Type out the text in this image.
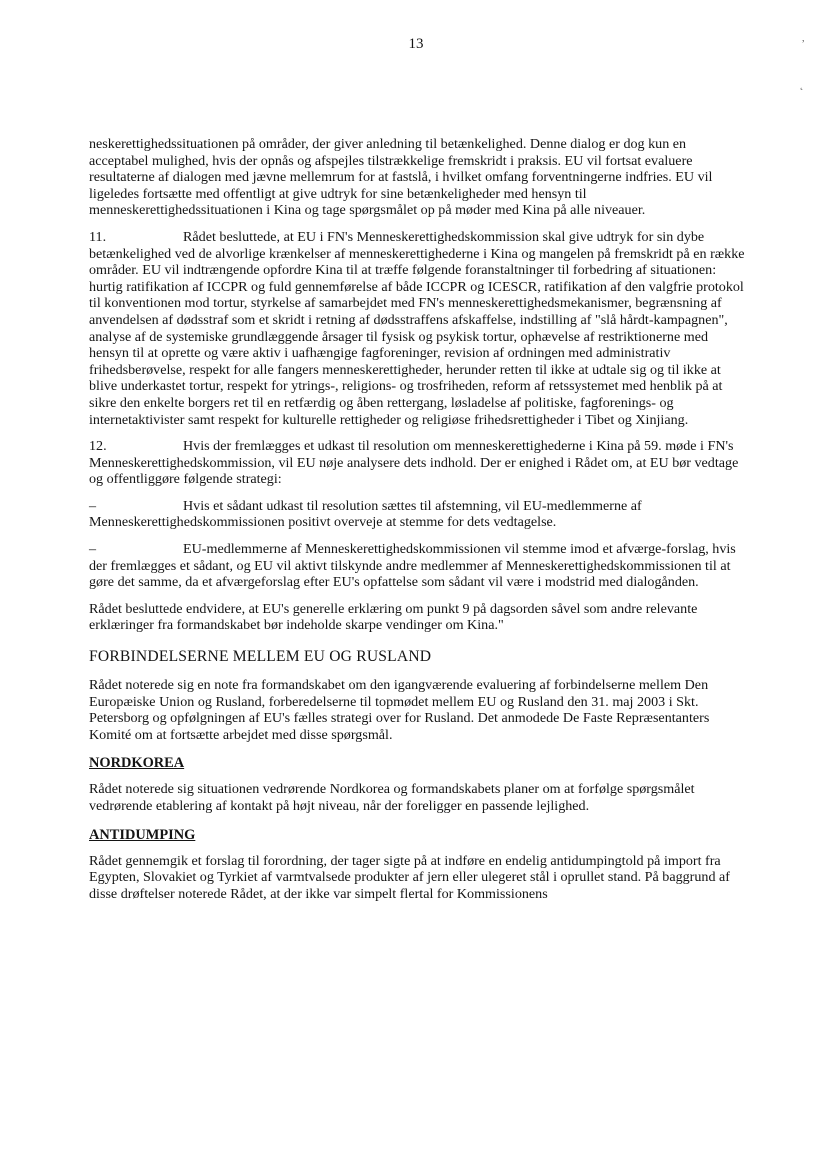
13	,
˛

neskerettighedssituationen på områder, der giver anledning til betænkelighed. Denne dialog er dog kun en acceptabel mulighed, hvis der opnås og afspejles tilstrækkelige fremskridt i praksis. EU vil fortsat evaluere resultaterne af dialogen med jævne mellemrum for at fastslå, i hvilket omfang forventningerne indfries. EU vil ligeledes fortsætte med offentligt at give udtryk for sine betænkeligheder med hensyn til menneskerettighedssituationen i Kina og tage spørgsmålet op på møder med Kina på alle niveauer.

11.	Rådet besluttede, at EU i FN's Menneskerettighedskommission skal give udtryk for sin dybe betænkelighed ved de alvorlige krænkelser af menneskerettighederne i Kina og mangelen på fremskridt på en række områder. EU vil indtrængende opfordre Kina til at træffe følgende foranstaltninger til forbedring af situationen: hurtig ratifikation af ICCPR og fuld gennemførelse af både ICCPR og ICESCR, ratifikation af den valgfrie protokol til konventionen mod tortur, styrkelse af samarbejdet med FN's menneskerettighedsmekanismer, begrænsning af anvendelsen af dødsstraf som et skridt i retning af dødsstraffens afskaffelse, indstilling af "slå hårdt-kampagnen", analyse af de systemiske grundlæggende årsager til fysisk og psykisk tortur, ophævelse af restriktionerne med hensyn til at oprette og være aktiv i uafhængige fagforeninger, revision af ordningen med administrativ frihedsberøvelse, respekt for alle fangers menneskerettigheder, herunder retten til ikke at udtale sig og til ikke at blive underkastet tortur, respekt for ytrings-, religions- og trosfriheden, reform af retssystemet med henblik på at sikre den enkelte borgers ret til en retfærdig og åben rettergang, løsladelse af politiske, fagforenings- og internetaktivister samt respekt for kulturelle rettigheder og religiøse frihedsrettigheder i Tibet og Xinjiang.

12.	Hvis der fremlægges et udkast til resolution om menneskerettighederne i Kina på 59. møde i FN's Menneskerettighedskommission, vil EU nøje analysere dets indhold. Der er enighed i Rådet om, at EU bør vedtage og offentliggøre følgende strategi:

–	Hvis et sådant udkast til resolution sættes til afstemning, vil EU-medlemmerne af Menneskerettighedskommissionen positivt overveje at stemme for dets vedtagelse.

–	EU-medlemmerne af Menneskerettighedskommissionen vil stemme imod et afværge-forslag, hvis der fremlægges et sådant, og EU vil aktivt tilskynde andre medlemmer af Menneskerettighedskommissionen til at gøre det samme, da et afværgeforslag efter EU's opfattelse som sådant vil være i modstrid med dialogånden.

Rådet besluttede endvidere, at EU's generelle erklæring om punkt 9 på dagsorden såvel som andre relevante erklæringer fra formandskabet bør indeholde skarpe vendinger om Kina."

FORBINDELSERNE MELLEM EU OG RUSLAND

Rådet noterede sig en note fra formandskabet om den igangværende evaluering af forbindelserne mellem Den Europæiske Union og Rusland, forberedelserne til topmødet mellem EU og Rusland den 31. maj 2003 i Skt. Petersborg og opfølgningen af EU's fælles strategi over for Rusland. Det anmodede De Faste Repræsentanters Komité om at fortsætte arbejdet med disse spørgsmål.

NORDKOREA

Rådet noterede sig situationen vedrørende Nordkorea og formandskabets planer om at forfølge spørgsmålet vedrørende etablering af kontakt på højt niveau, når der foreligger en passende lejlighed.

ANTIDUMPING

Rådet gennemgik et forslag til forordning, der tager sigte på at indføre en endelig antidumpingtold på import fra Egypten, Slovakiet og Tyrkiet af varmtvalsede produkter af jern eller ulegeret stål i oprullet stand. På baggrund af disse drøftelser noterede Rådet, at der ikke var simpelt flertal for Kommissionens
